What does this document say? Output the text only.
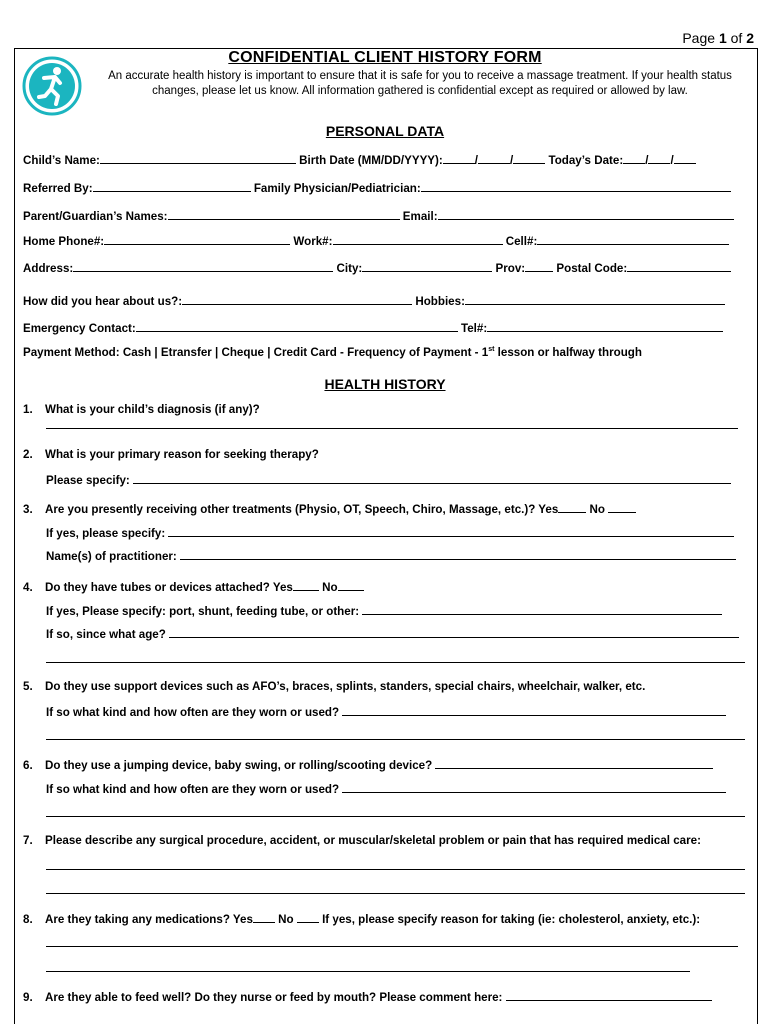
Page 1 of 2
CONFIDENTIAL CLIENT HISTORY FORM
An accurate health history is important to ensure that it is safe for you to receive a massage treatment. If your health status changes, please let us know. All information gathered is confidential except as required or allowed by law.
PERSONAL DATA
Child’s Name:	Birth Date (MM/DD/YYYY):	/	/	Today’s Date: / /
Referred By:	Family Physician/Pediatrician:
Parent/Guardian’s Names:	Email:
Home Phone#:	Work#:	Cell#:
Address:	City:	Prov:	Postal Code:
How did you hear about us?:	Hobbies:
Emergency Contact:	Tel#:
Payment Method: Cash | Etransfer | Cheque | Credit Card - Frequency of Payment - 1st lesson or halfway through
HEALTH HISTORY
1. What is your child’s diagnosis (if any)?
2. What is your primary reason for seeking therapy?
Please specify:
3. Are you presently receiving other treatments (Physio, OT, Speech, Chiro, Massage, etc.)? Yes	No
If yes, please specify:
Name(s) of practitioner:
4. Do they have tubes or devices attached? Yes	No
If yes, Please specify: port, shunt, feeding tube, or other:
If so, since what age?
5. Do they use support devices such as AFO’s, braces, splints, standers, special chairs, wheelchair, walker, etc.
If so what kind and how often are they worn or used?
6. Do they use a jumping device, baby swing, or rolling/scooting device?
If so what kind and how often are they worn or used?
7. Please describe any surgical procedure, accident, or muscular/skeletal problem or pain that has required medical care:
8. Are they taking any medications? Yes No If yes, please specify reason for taking (ie: cholesterol, anxiety, etc.):
9. Are they able to feed well? Do they nurse or feed by mouth? Please comment here:
